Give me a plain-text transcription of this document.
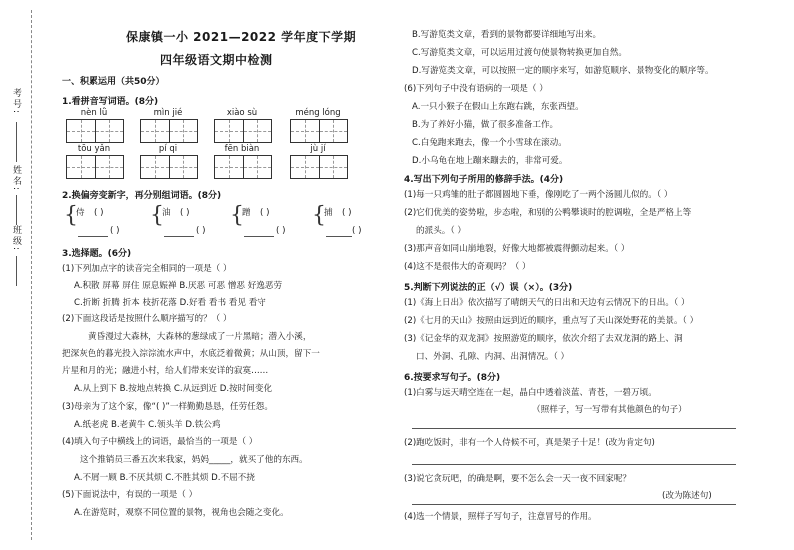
考号:
姓名:
班级:
保康镇一小 2021—2022 学年度下学期
四年级语文期中检测
一、积累运用（共50分）
1.看拼音写词语。(8分)
nèn lǜ	mìn jié	xiào sù	méng lóng
tōu yǎn	pí qi	fēn biàn	jù jí
2.换偏旁变新字，再分别组词语。(8分)
{
侍 ( )
( )
{
油 ( )
( )
{
蹭 ( )
( )
{
捕 ( )
( )
3.选择题。(6分)
(1)下列加点字的读音完全相同的一项是（ ）
A.积散 屏幕 屏住 原息娠禅 B.厌恶 可恶 憎恶 好逸恶劳
C.折断 折腾 折本 枝折花落 D.好看 看书 看见 看守
(2)下面这段话是按照什么顺序描写的？（ ）
黄昏漫过大森林，大森林的葱绿成了一片黑暗；潜入小溪，
把深灰色的暮光投入淙淙流水声中，水底泛着微黄；从山顶，留下一
片星和月的光；融进小村，给人们带来安详的寂寞……
A.从上到下 B.按地点转换 C.从远到近 D.按时间变化
(3)母亲为了这个家，像“( )”一样勤勤恳恳，任劳任怨。
A.纸老虎 B.老黄牛 C.领头羊 D.铁公鸡
(4)填入句子中横线上的词语，最恰当的一项是（ ）
这个推销员三番五次来我家，妈妈_____，就买了他的东西。
A.不屑一顾 B.不厌其烦 C.不胜其烦 D.不屈不挠
(5)下面说法中，有误的一项是（ ）
A.在游览时，观察不同位置的景物，视角也会随之变化。
B.写游览类文章，看到的景物都要详细地写出来。
C.写游览类文章，可以运用过渡句使景物转换更加自然。
D.写游览类文章，可以按照一定的顺序来写，如游览顺序、景物变化的顺序等。
(6)下列句子中没有语病的一项是（ ）
A.一只小猴子在假山上东跑右跳，东张西望。
B.为了养好小猫，做了很多准备工作。
C.白兔跑来跑去，像一个小雪球在滚动。
D.小乌龟在地上蹦来蹦去的，非常可爱。
4.写出下列句子所用的修辞手法。(4分)
(1)每一只鸡雏的肚子都圆圆地下垂，像刚吃了一两个汤圆儿似的。（ ）
(2)它们优美的姿势啦，步态啦，和别的公鸭攀谈时的腔调啦，全是严格上等
的派头。（ ）
(3)那声音如同山崩地裂，好像大地都被震得颤动起来。（ ）
(4)这不是很伟大的奇观吗？（ ）
5.判断下列说法的正（√）误（×）。(3分)
(1)《海上日出》依次描写了晴朗天气的日出和天边有云情况下的日出。（ ）
(2)《七月的天山》按照由远到近的顺序，重点写了天山深处野花的美景。（ ）
(3)《记金华的双龙洞》按照游览的顺序，依次介绍了去双龙洞的路上、洞
口、外洞、孔隙、内洞、出洞情况。（ ）
6.按要求写句子。(8分)
(1)白雾与远天晴空连在一起，晶白中透着淡蓝、青苍，一碧万顷。
（照样子，写一写带有其他颜色的句子）
(2)跑吃饭时，非有一个人侍候不可，真是架子十足！(改为肯定句)
(3)说它贪玩吧，的确是啊，要不怎么会一天一夜不回家呢？
(改为陈述句)
(4)选一个情景，照样子写句子，注意冒号的作用。
